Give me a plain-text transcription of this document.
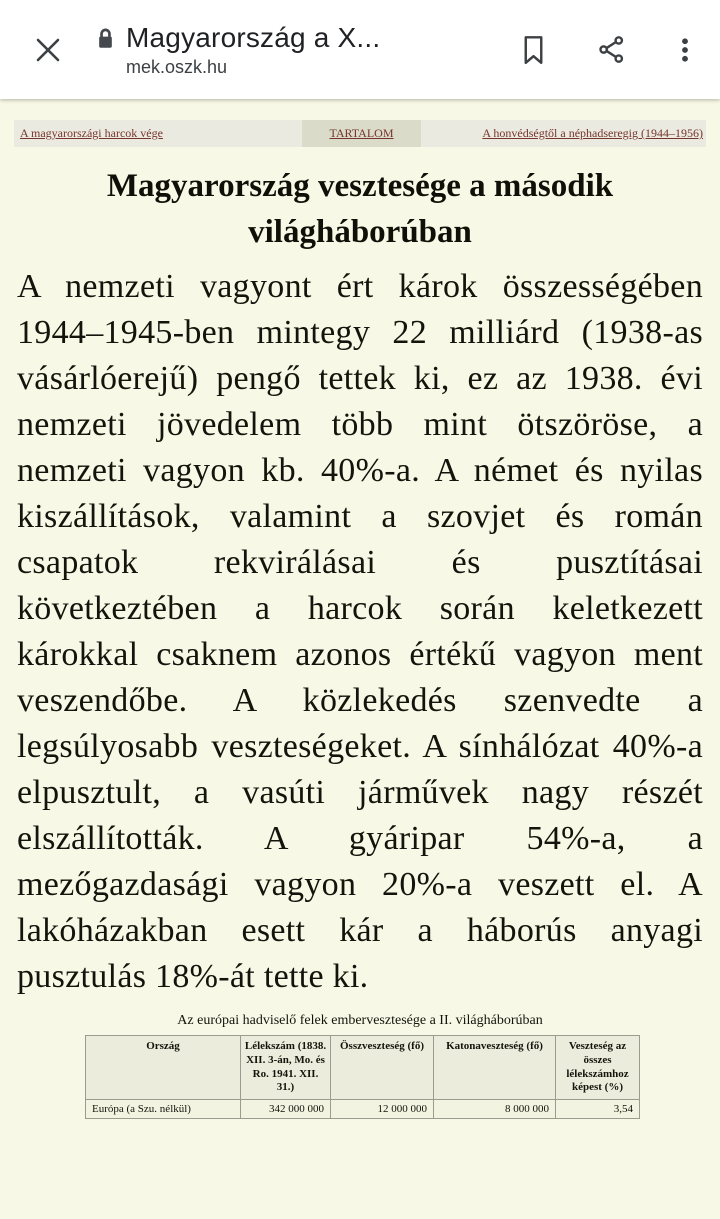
Magyarország a X...
mek.oszk.hu
A magyarországi harcok vége	TARTALOM	A honvédségtől a néphadseregig (1944–1956)
Magyarország vesztesége a második világháborúban

A nemzeti vagyont ért károk összességében 1944–1945-ben mintegy 22 milliárd (1938-as vásárlóerejű) pengő tettek ki, ez az 1938. évi nemzeti jövedelem több mint ötszöröse, a nemzeti vagyon kb. 40%-a. A német és nyilas kiszállítások, valamint a szovjet és román csapatok rekvirálásai és pusztításai következtében a harcok során keletkezett károkkal csaknem azonos értékű vagyon ment veszendőbe. A közlekedés szenvedte a legsúlyosabb veszteségeket. A sínhálózat 40%-a elpusztult, a vasúti járművek nagy részét elszállították. A gyáripar 54%-a, a mezőgazdasági vagyon 20%-a veszett el. A lakóházakban esett kár a háborús anyagi pusztulás 18%-át tette ki.

Az európai hadviselő felek embervesztesége a II. világháborúban
Ország	Lélekszám (1838. XII. 3-án, Mo. és Ro. 1941. XII. 31.)	Összveszteség (fő)	Katonaveszteség (fő)	Veszteség az összes lélekszámhoz képest (%)
Európa (a Szu. nélkül)	342 000 000	12 000 000	8 000 000	3,54
